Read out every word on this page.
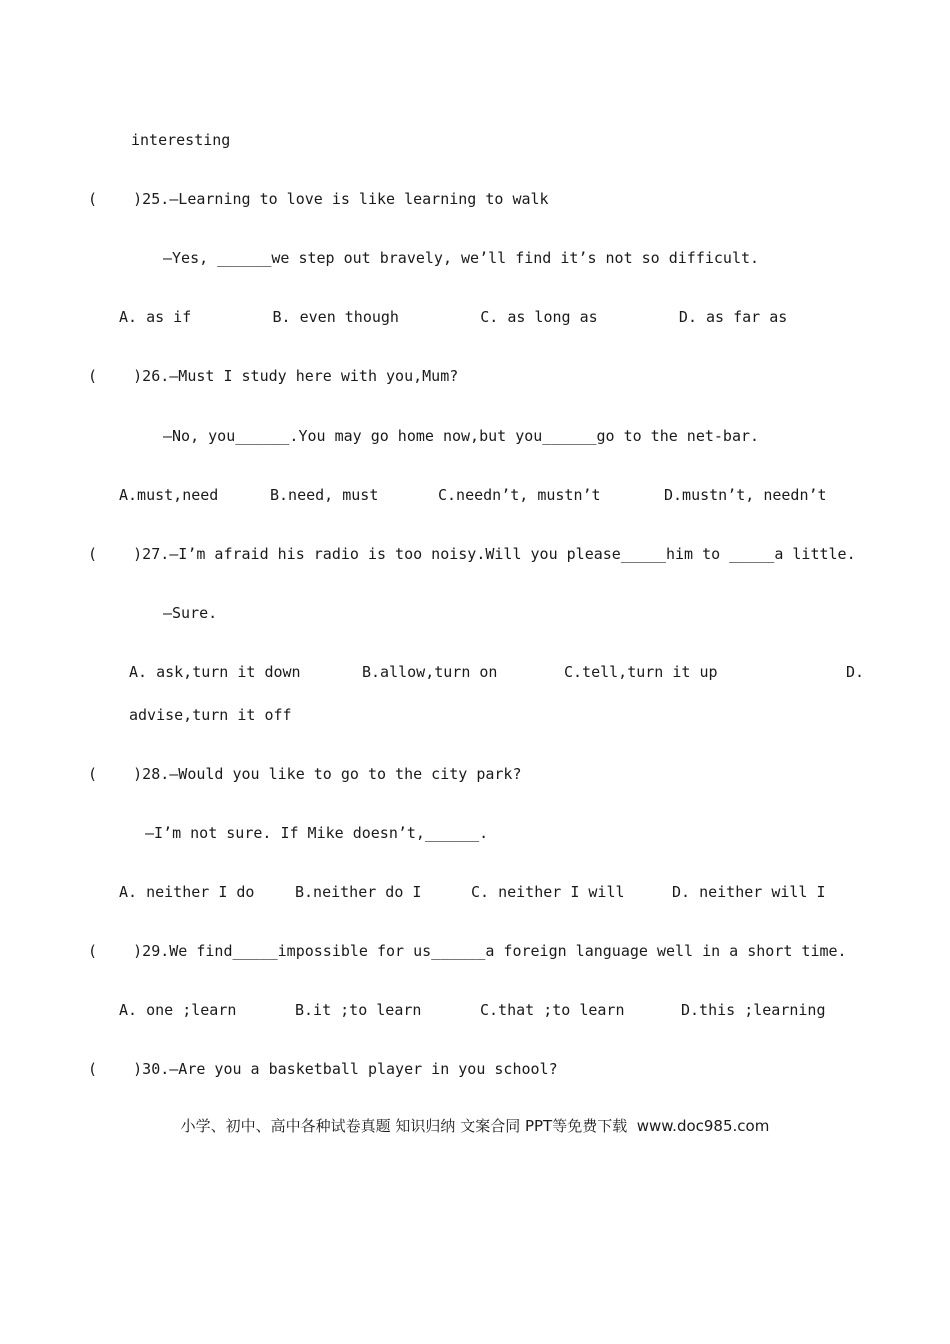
interesting
(    )25.—Learning to love is like learning to walk
—Yes, ______we step out bravely, we’ll find it’s not so difficult.
A. as if         B. even though         C. as long as         D. as far as
(    )26.—Must I study here with you,Mum?
—No, you______.You may go home now,but you______go to the net-bar.
A.must,need	B.need, must	C.needn’t, mustn’t	D.mustn’t, needn’t
(    )27.—I’m afraid his radio is too noisy.Will you please_____him to _____a little.
—Sure.
A. ask,turn it down	B.allow,turn on	C.tell,turn it up	D.
advise,turn it off
(    )28.—Would you like to go to the city park?
—I’m not sure. If Mike doesn’t,______.
A. neither I do	B.neither do I	C. neither I will	D. neither will I
(    )29.We find_____impossible for us______a foreign language well in a short time.
A. one ;learn	B.it ;to learn	C.that ;to learn	D.this ;learning
(    )30.—Are you a basketball player in you school?
小学、初中、高中各种试卷真题 知识归纳 文案合同 PPT等免费下载  www.doc985.com
